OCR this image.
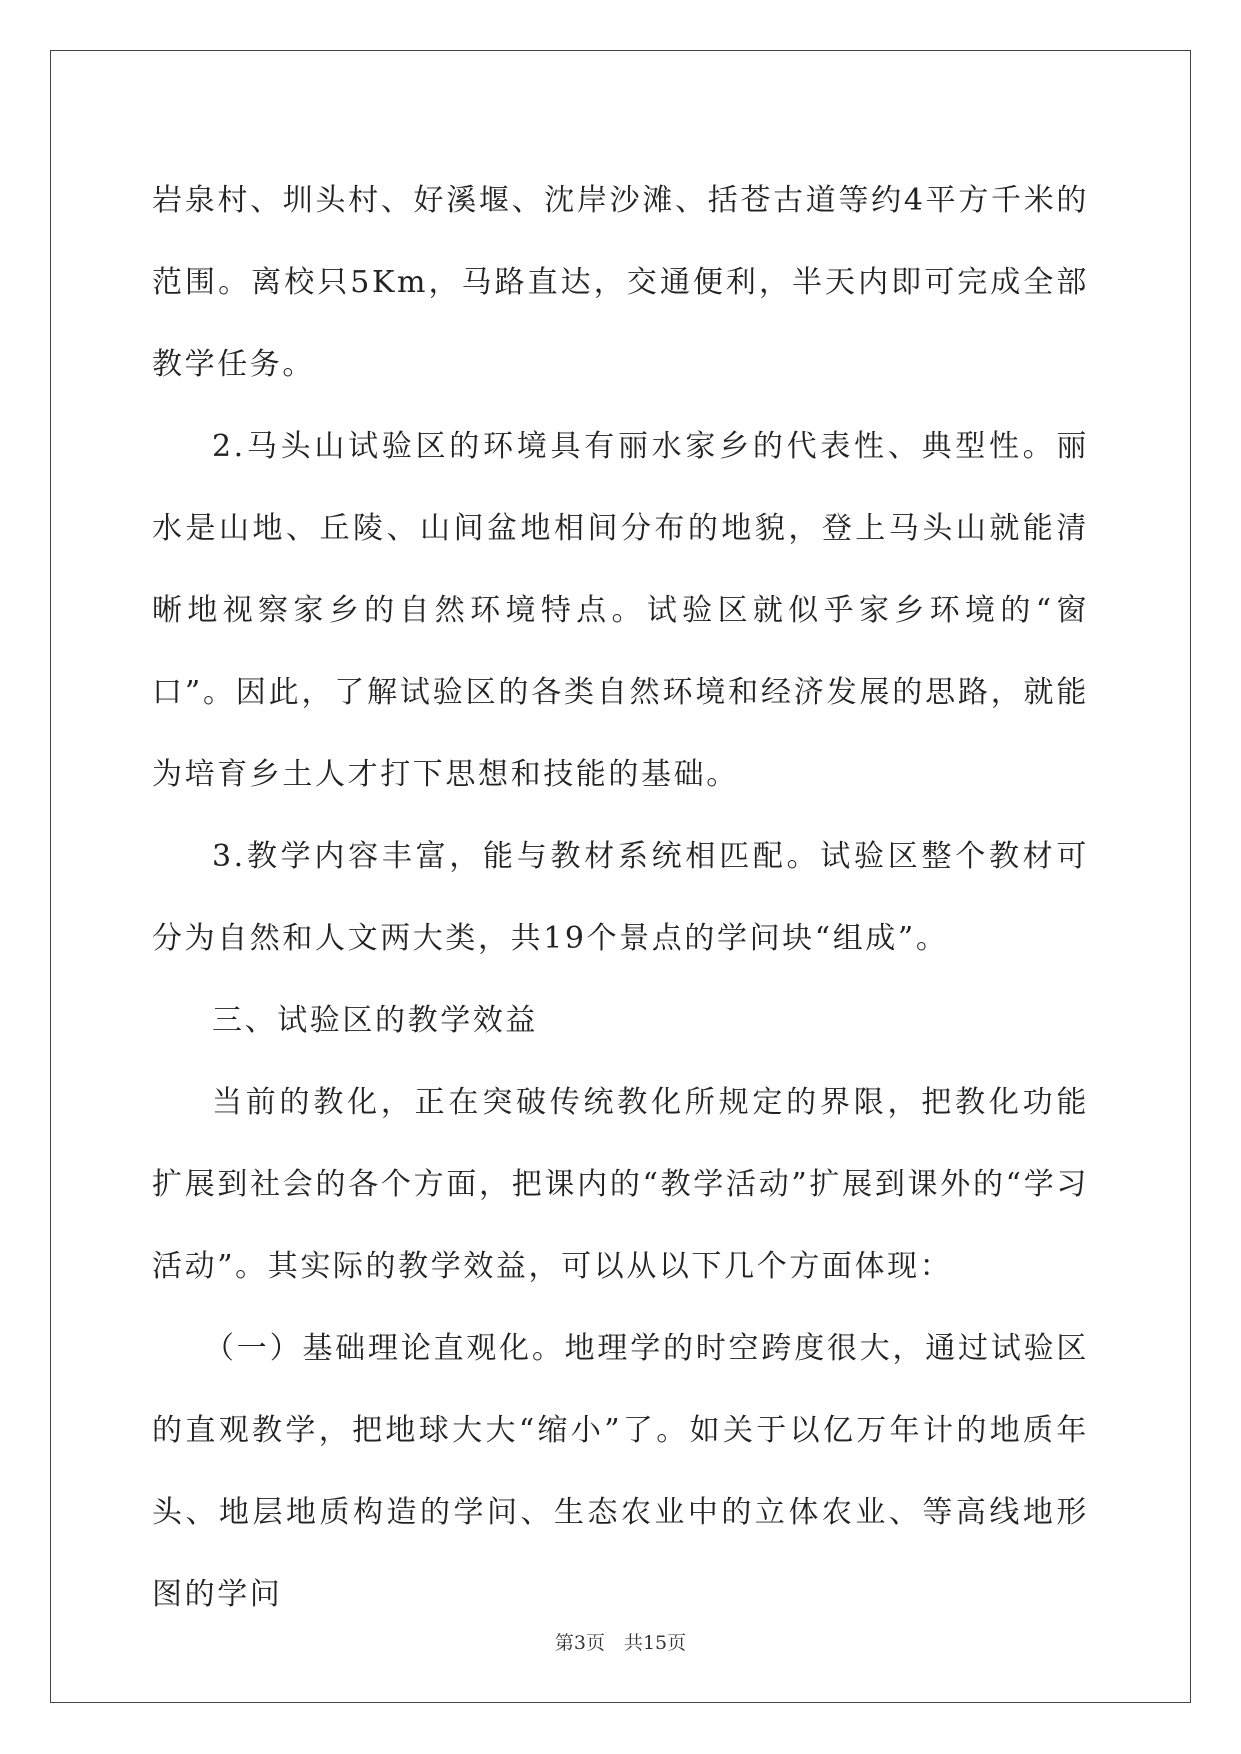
岩泉村、圳头村、好溪堰、沈岸沙滩、括苍古道等约4平方千米的范围。离校只5Km，马路直达，交通便利，半天内即可完成全部教学任务。

2.马头山试验区的环境具有丽水家乡的代表性、典型性。丽水是山地、丘陵、山间盆地相间分布的地貌，登上马头山就能清晰地视察家乡的自然环境特点。试验区就似乎家乡环境的“窗口”。因此，了解试验区的各类自然环境和经济发展的思路，就能为培育乡土人才打下思想和技能的基础。

3.教学内容丰富，能与教材系统相匹配。试验区整个教材可分为自然和人文两大类，共19个景点的学问块“组成”。

三、试验区的教学效益

当前的教化，正在突破传统教化所规定的界限，把教化功能扩展到社会的各个方面，把课内的“教学活动”扩展到课外的“学习活动”。其实际的教学效益，可以从以下几个方面体现：

（一）基础理论直观化。地理学的时空跨度很大，通过试验区的直观教学，把地球大大“缩小”了。如关于以亿万年计的地质年头、地层地质构造的学问、生态农业中的立体农业、等高线地形图的学问

第3页　共15页
